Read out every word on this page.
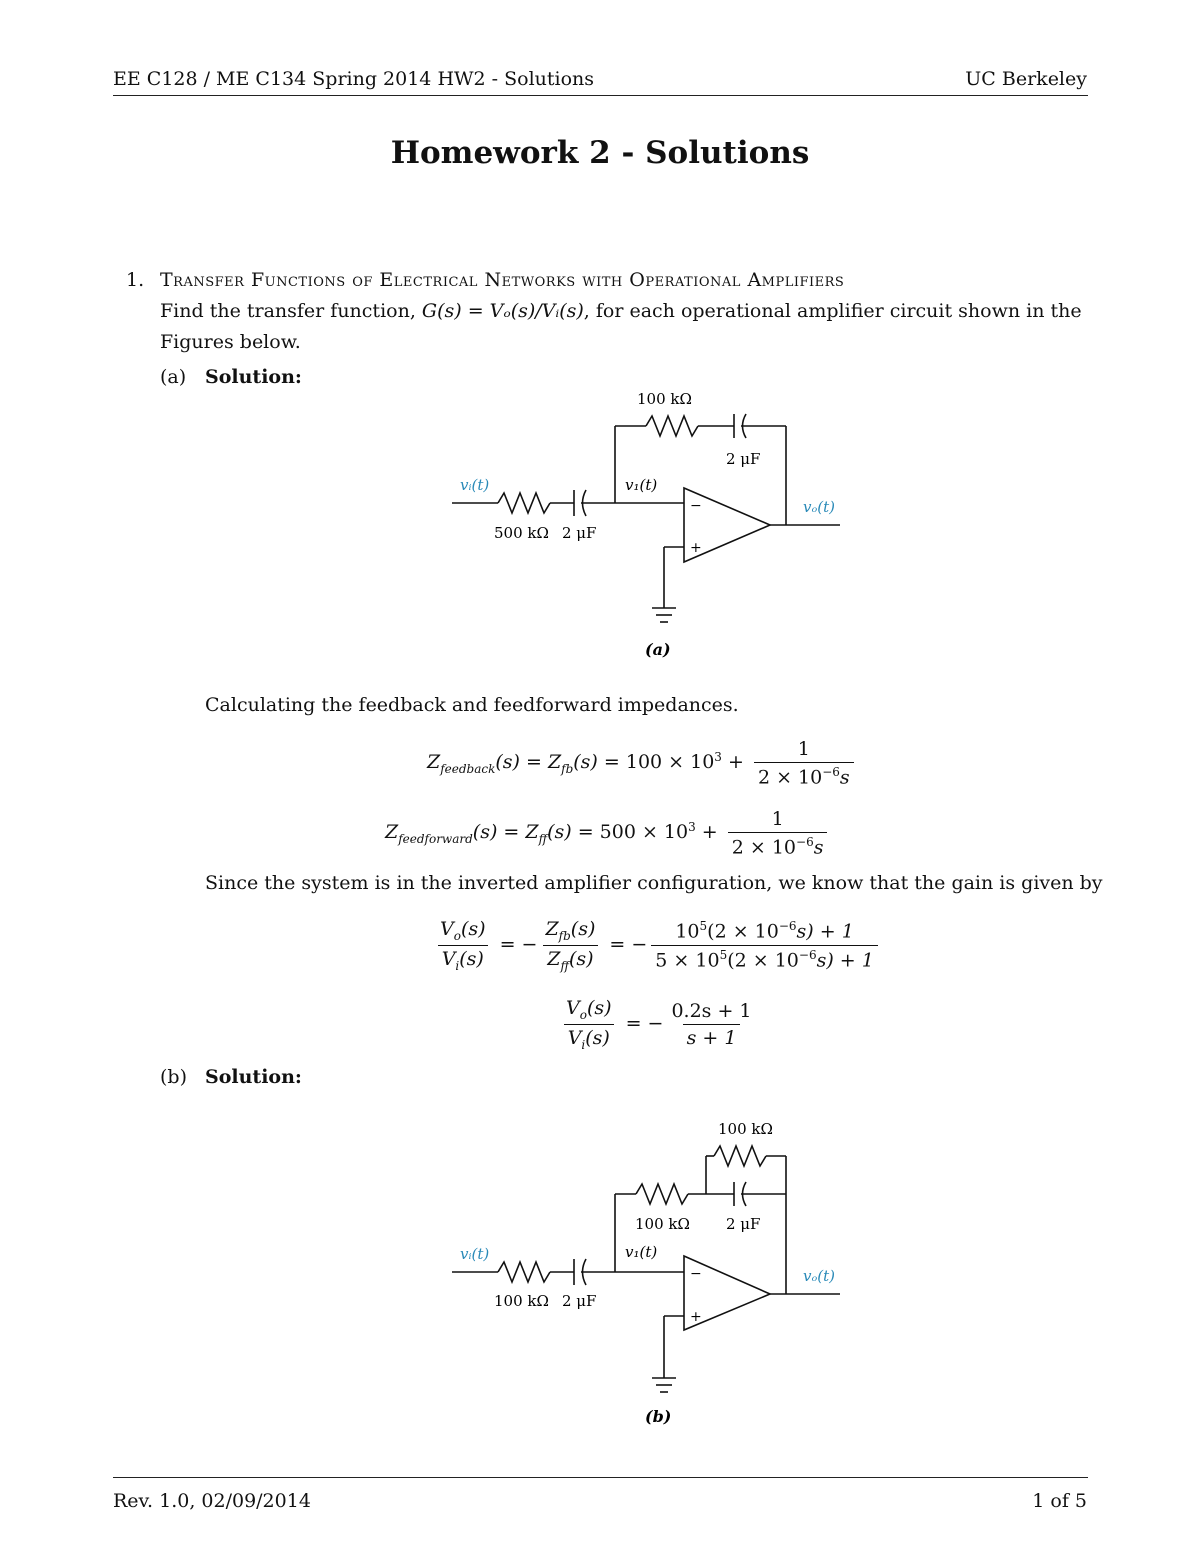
EE C128 / ME C134 Spring 2014 HW2 - Solutions	UC Berkeley
Homework 2 - Solutions
1. Transfer Functions of Electrical Networks with Operational Amplifiers
Find the transfer function, G(s) = Vₒ(s)/Vᵢ(s), for each operational amplifier circuit shown in the
Figures below.
(a) Solution:
−
+
100 kΩ
2 μF
500 kΩ 2 μF
vᵢ(t)	v₁(t)
vₒ(t)
(a)
Calculating the feedback and feedforward impedances.
$Z_{feedback}(s) = Z_{fb}(s) = 100 \times 10^3 + \frac{1}{2 \times 10^{-6}s}$
$Z_{feedforward}(s) = Z_{ff}(s) = 500 \times 10^3 + \frac{1}{2 \times 10^{-6}s}$
Since the system is in the inverted amplifier configuration, we know that the gain is given by
$\frac{V_o(s)}{V_i(s)}$ = − $\frac{Z_{fb}(s)}{Z_{ff}(s)}$ = − $\frac{10^5(2 \times 10^{-6}s) + 1}{5 \times 10^5(2 \times 10^{-6}s) + 1}$
$\frac{V_o(s)}{V_i(s)}$ = − $\frac{0.2s + 1}{s + 1}$
(b) Solution:
−
+
100 kΩ
100 kΩ 2 μF
100 kΩ 2 μF
vᵢ(t)	v₁(t)
vₒ(t)
(b)
Rev. 1.0, 02/09/2014	1 of 5
